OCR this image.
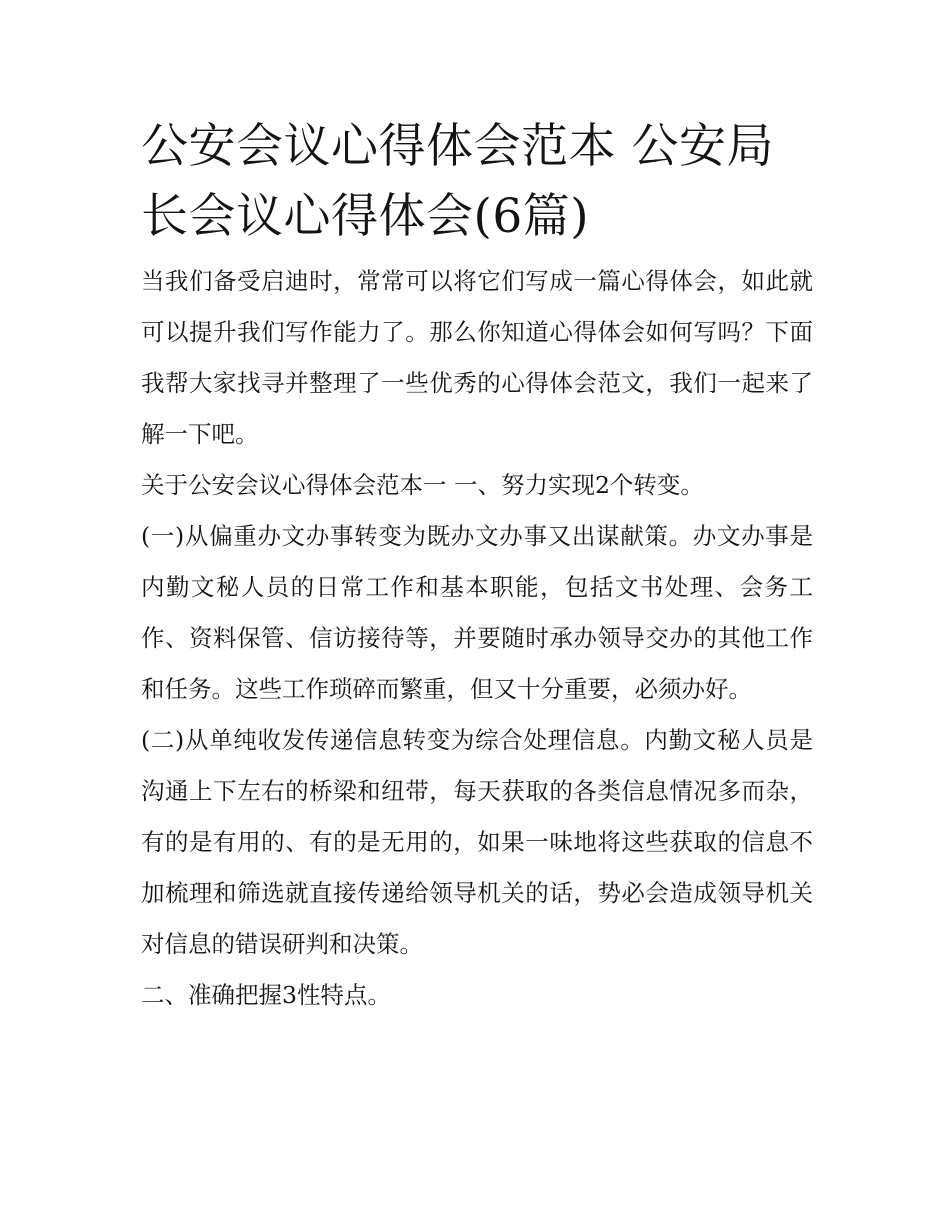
公安会议心得体会范本 公安局长会议心得体会(6篇)

当我们备受启迪时，常常可以将它们写成一篇心得体会，如此就可以提升我们写作能力了。那么你知道心得体会如何写吗？下面我帮大家找寻并整理了一些优秀的心得体会范文，我们一起来了解一下吧。

关于公安会议心得体会范本一 一、努力实现2个转变。

(一)从偏重办文办事转变为既办文办事又出谋献策。办文办事是内勤文秘人员的日常工作和基本职能，包括文书处理、会务工作、资料保管、信访接待等，并要随时承办领导交办的其他工作和任务。这些工作琐碎而繁重，但又十分重要，必须办好。

(二)从单纯收发传递信息转变为综合处理信息。内勤文秘人员是沟通上下左右的桥梁和纽带，每天获取的各类信息情况多而杂，有的是有用的、有的是无用的，如果一味地将这些获取的信息不加梳理和筛选就直接传递给领导机关的话，势必会造成领导机关对信息的错误研判和决策。

二、准确把握3性特点。
